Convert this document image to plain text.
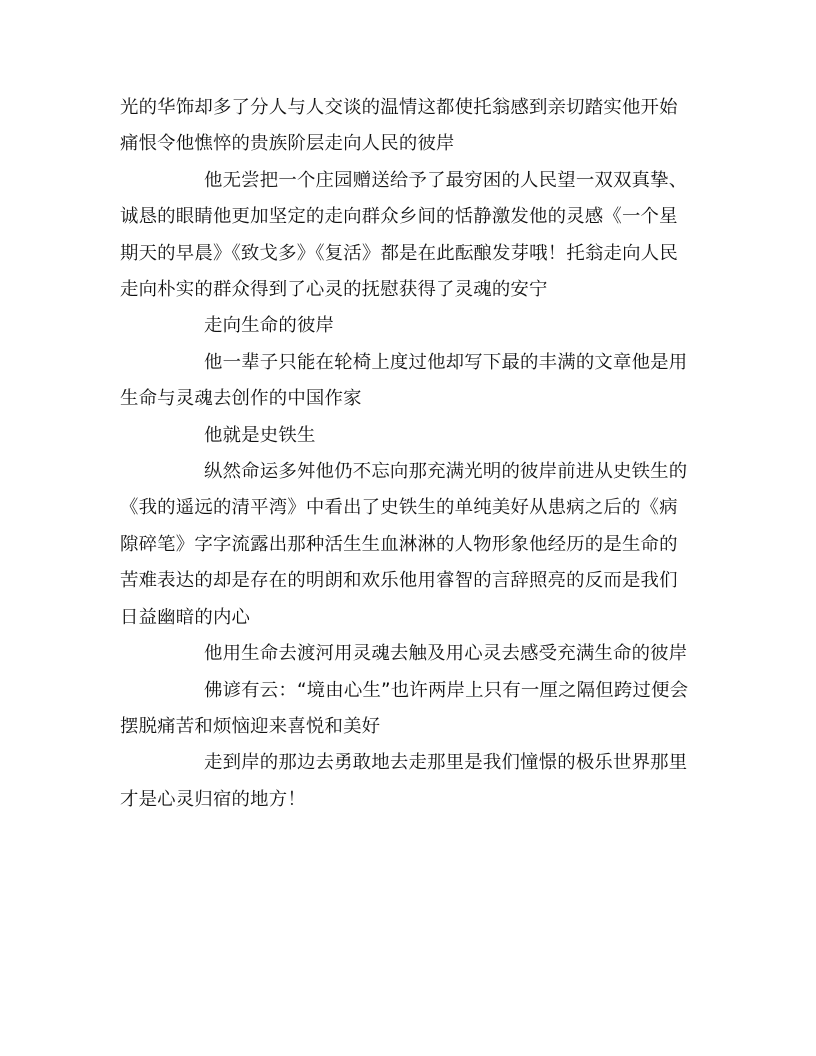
光的华饰却多了分人与人交谈的温情这都使托翁感到亲切踏实他开始痛恨令他憔悴的贵族阶层走向人民的彼岸

他无尝把一个庄园赠送给予了最穷困的人民望一双双真挚、诚恳的眼睛他更加坚定的走向群众乡间的恬静激发他的灵感《一个星期天的早晨》《致戈多》《复活》都是在此酝酿发芽哦！托翁走向人民走向朴实的群众得到了心灵的抚慰获得了灵魂的安宁

走向生命的彼岸

他一辈子只能在轮椅上度过他却写下最的丰满的文章他是用生命与灵魂去创作的中国作家

他就是史铁生

纵然命运多舛他仍不忘向那充满光明的彼岸前进从史铁生的《我的遥远的清平湾》中看出了史铁生的单纯美好从患病之后的《病隙碎笔》字字流露出那种活生生血淋淋的人物形象他经历的是生命的苦难表达的却是存在的明朗和欢乐他用睿智的言辞照亮的反而是我们日益幽暗的内心

他用生命去渡河用灵魂去触及用心灵去感受充满生命的彼岸

佛谚有云：“境由心生”也许两岸上只有一厘之隔但跨过便会摆脱痛苦和烦恼迎来喜悦和美好

走到岸的那边去勇敢地去走那里是我们憧憬的极乐世界那里才是心灵归宿的地方！
